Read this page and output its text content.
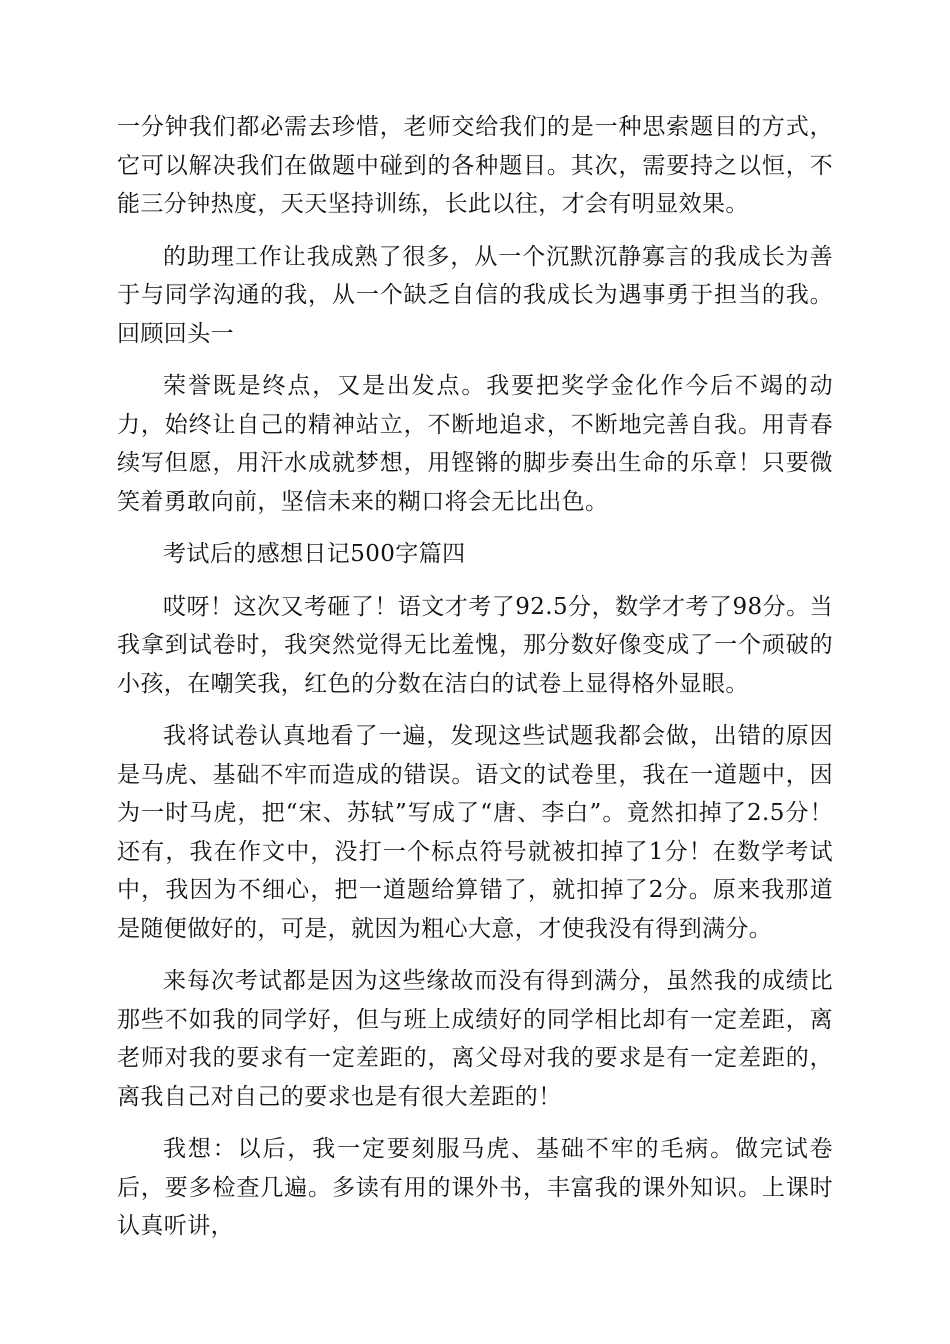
一分钟我们都必需去珍惜，老师交给我们的是一种思索题目的方式，它可以解决我们在做题中碰到的各种题目。其次，需要持之以恒，不能三分钟热度，天天坚持训练，长此以往，才会有明显效果。

的助理工作让我成熟了很多，从一个沉默沉静寡言的我成长为善于与同学沟通的我，从一个缺乏自信的我成长为遇事勇于担当的我。回顾回头一

荣誉既是终点，又是出发点。我要把奖学金化作今后不竭的动力，始终让自己的精神站立，不断地追求，不断地完善自我。用青春续写但愿，用汗水成就梦想，用铿锵的脚步奏出生命的乐章！只要微笑着勇敢向前，坚信未来的糊口将会无比出色。

考试后的感想日记500字篇四

哎呀！这次又考砸了！语文才考了92.5分，数学才考了98分。当我拿到试卷时，我突然觉得无比羞愧，那分数好像变成了一个顽破的小孩，在嘲笑我，红色的分数在洁白的试卷上显得格外显眼。

我将试卷认真地看了一遍，发现这些试题我都会做，出错的原因是马虎、基础不牢而造成的错误。语文的试卷里，我在一道题中，因为一时马虎，把“宋、苏轼”写成了“唐、李白”。竟然扣掉了2.5分！还有，我在作文中，没打一个标点符号就被扣掉了1分！在数学考试中，我因为不细心，把一道题给算错了，就扣掉了2分。原来我那道是随便做好的，可是，就因为粗心大意，才使我没有得到满分。

来每次考试都是因为这些缘故而没有得到满分，虽然我的成绩比那些不如我的同学好，但与班上成绩好的同学相比却有一定差距，离老师对我的要求有一定差距的，离父母对我的要求是有一定差距的，离我自己对自己的要求也是有很大差距的！

我想：以后，我一定要刻服马虎、基础不牢的毛病。做完试卷后，要多检查几遍。多读有用的课外书，丰富我的课外知识。上课时认真听讲，
